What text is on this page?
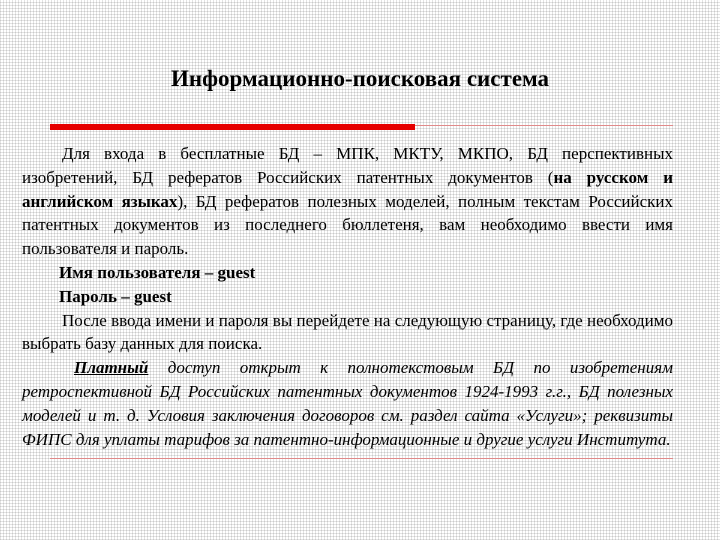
Информационно-поисковая система

Для входа в бесплатные БД – МПК, МКТУ, МКПО, БД перспективных изобретений, БД рефератов Российских патентных документов (на русском и английском языках), БД рефератов полезных моделей, полным текстам Российских патентных документов из последнего бюллетеня, вам необходимо ввести имя пользователя и пароль.

Имя пользователя – guest

Пароль – guest

После ввода имени и пароля вы перейдете на следующую страницу, где необходимо выбрать базу данных для поиска.

Платный доступ открыт к полнотекстовым БД по изобретениям ретроспективной БД Российских патентных документов 1924-1993 г.г., БД полезных моделей и т. д. Условия заключения договоров см. раздел сайта «Услуги»; реквизиты ФИПС для уплаты тарифов за патентно-информационные и другие услуги Института.
